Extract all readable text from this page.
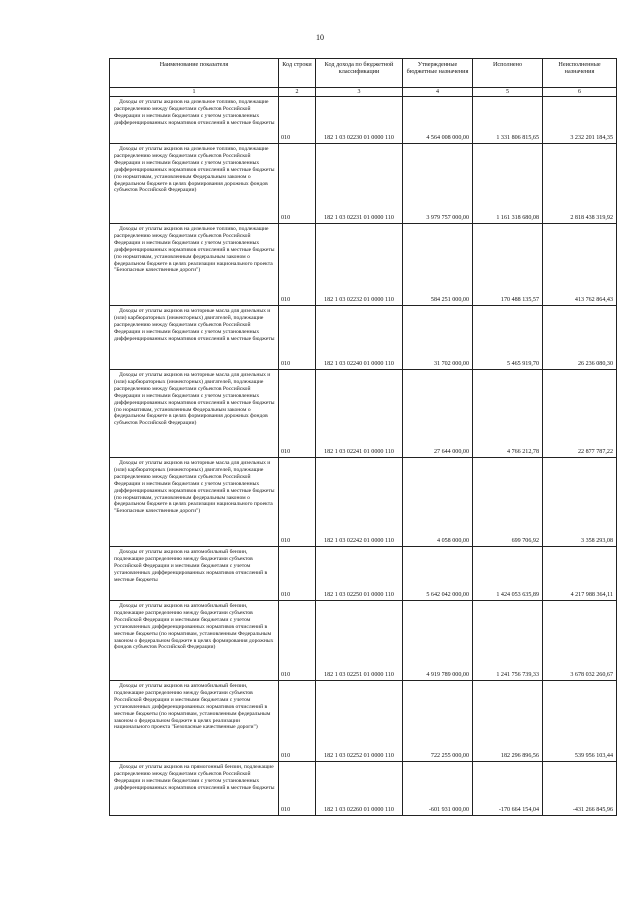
10
Наименование показателя	Код строки	Код дохода по бюджетной классификации	Утвержденные бюджетные назначения	Исполнено	Неисполненные назначения
1	2	3	4	5	6
Доходы от уплаты акцизов на дизельное топливо, подлежащие распределению между бюджетами субъектов Российской Федерации и местными бюджетами с учетом установленных дифференцированных нормативов отчислений в местные бюджеты	010	182 1 03 02230 01 0000 110	4 564 008 000,00	1 331 806 815,65	3 232 201 184,35
Доходы от уплаты акцизов на дизельное топливо, подлежащие распределению между бюджетами субъектов Российской Федерации и местными бюджетами с учетом установленных дифференцированных нормативов отчислений в местные бюджеты (по нормативам, установленным Федеральным законом о федеральном бюджете в целях формирования дорожных фондов субъектов Российской Федерации)	010	182 1 03 02231 01 0000 110	3 979 757 000,00	1 161 318 680,08	2 818 438 319,92
Доходы от уплаты акцизов на дизельное топливо, подлежащие распределению между бюджетами субъектов Российской Федерации и местными бюджетами с учетом установленных дифференцированных нормативов отчислений в местные бюджеты (по нормативам, установленным федеральным законом о федеральном бюджете в целях реализации национального проекта "Безопасные качественные дороги")	010	182 1 03 02232 01 0000 110	584 251 000,00	170 488 135,57	413 762 864,43
Доходы от уплаты акцизов на моторные масла для дизельных и (или) карбюраторных (инжекторных) двигателей, подлежащие распределению между бюджетами субъектов Российской Федерации и местными бюджетами с учетом установленных дифференцированных нормативов отчислений в местные бюджеты	010	182 1 03 02240 01 0000 110	31 702 000,00	5 465 919,70	26 236 080,30
Доходы от уплаты акцизов на моторные масла для дизельных и (или) карбюраторных (инжекторных) двигателей, подлежащие распределению между бюджетами субъектов Российской Федерации и местными бюджетами с учетом установленных дифференцированных нормативов отчислений в местные бюджеты (по нормативам, установленным Федеральным законом о федеральном бюджете в целях формирования дорожных фондов субъектов Российской Федерации)	010	182 1 03 02241 01 0000 110	27 644 000,00	4 766 212,78	22 877 787,22
Доходы от уплаты акцизов на моторные масла для дизельных и (или) карбюраторных (инжекторных) двигателей, подлежащие распределению между бюджетами субъектов Российской Федерации и местными бюджетами с учетом установленных дифференцированных нормативов отчислений в местные бюджеты (по нормативам, установленным федеральным законом о федеральном бюджете в целях реализации национального проекта "Безопасные качественные дороги")	010	182 1 03 02242 01 0000 110	4 058 000,00	699 706,92	3 358 293,08
Доходы от уплаты акцизов на автомобильный бензин, подлежащие распределению между бюджетами субъектов Российской Федерации и местными бюджетами с учетом установленных дифференцированных нормативов отчислений в местные бюджеты	010	182 1 03 02250 01 0000 110	5 642 042 000,00	1 424 053 635,89	4 217 988 364,11
Доходы от уплаты акцизов на автомобильный бензин, подлежащие распределению между бюджетами субъектов Российской Федерации и местными бюджетами с учетом установленных дифференцированных нормативов отчислений в местные бюджеты (по нормативам, установленным Федеральным законом о федеральном бюджете в целях формирования дорожных фондов субъектов Российской Федерации)	010	182 1 03 02251 01 0000 110	4 919 789 000,00	1 241 756 739,33	3 678 032 260,67
Доходы от уплаты акцизов на автомобильный бензин, подлежащие распределению между бюджетами субъектов Российской Федерации и местными бюджетами с учетом установленных дифференцированных нормативов отчислений в местные бюджеты (по нормативам, установленным федеральным законом о федеральном бюджете в целях реализации национального проекта "Безопасные качественные дороги")	010	182 1 03 02252 01 0000 110	722 255 000,00	182 296 896,56	539 956 103,44
Доходы от уплаты акцизов на прямогонный бензин, подлежащие распределению между бюджетами субъектов Российской Федерации и местными бюджетами с учетом установленных дифференцированных нормативов отчислений в местные бюджеты	010	182 1 03 02260 01 0000 110	-601 931 000,00	-170 664 154,04	-431 266 845,96
